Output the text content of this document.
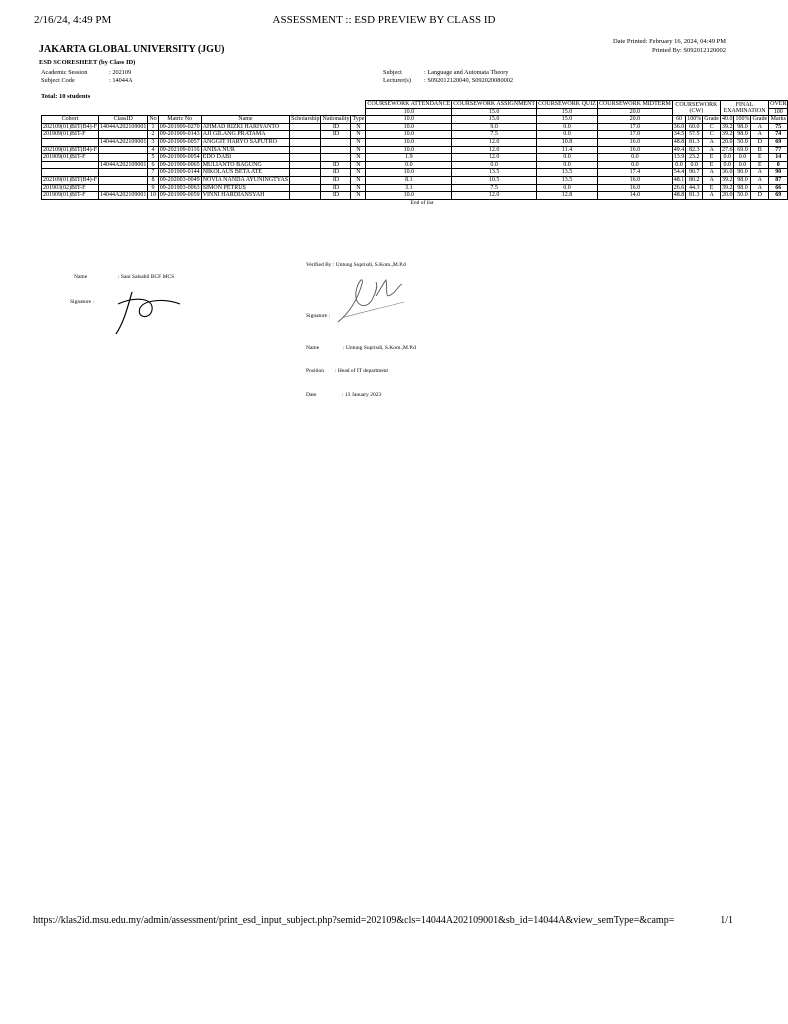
2/16/24, 4:49 PM	ASSESSMENT :: ESD PREVIEW BY CLASS ID
Date Printed: February 16, 2024, 04:49 PM
Printed By: S092012120002
JAKARTA GLOBAL UNIVERSITY (JGU)
ESD SCORESHEET (by Class ID)
Academic Session	: 202109
Subject Code	: 14044A
Subject	: Language and Automata Theory
Lecturer(s) : S092012120040, S092020080002
Total: 10 students
								COURSEWORK ATTENDANCE	COURSEWORK ASSIGNMENT	COURSEWORK QUIZ	COURSEWORK MIDTERM	COURSEWORK (CW)			FINAL EXAMINATION			OVER
								10.0	15.0	15.0	20.0							100
Cohort	ClassID	No	Matric No	Name	Scholarship	Nationality	Type	10.0	15.0	15.0	20.0	60	100%	Grade	40.0	100%	Grade	Marks
202109(01)BIT(B4)-F	14044A202109001	1	09-201909-0270	AHMAD RIZKI HARIYANTO		ID	N	10.0	9.0	0.0	17.0	36.0	60.0	C	39.2	98.0	A	75
201909(01)BIT-F		2	09-201909-0143	AJI GILANG PRATAMA		ID	N	10.0	7.5	0.0	17.0	34.5	57.5	C	39.2	98.0	A	74
	14044A202109001	3	09-201909-0057	ANGGIT HARYO SAPUTRO			N	10.0	12.0	10.8	16.0	48.8	81.3	A	20.0	50.0	D	69
202109(01)BIT(B4)-F		4	09-202109-0116	ANISA NUR			N	10.0	12.0	11.4	16.0	49.4	82.3	A	27.6	69.0	B	77
201909(01)BIT-F		5	09-201909-0054	EDO DABI			N	1.9	12.0	0.0	0.0	13.9	23.2	E	0.0	0.0	E	14
	14044A202109001	6	09-201909-0065	MULIANTO BAGUNG		ID	N	0.0	0.0	0.0	0.0	0.0	0.0	E	0.0	0.0	E	0
		7	09-201909-0144	NIKOLAUS BETA ATE		ID	N	10.0	13.5	13.5	17.4	54.4	90.7	A	36.0	90.0	A	90
202109(01)BIT(B4)-F		8	09-202003-0049	NOVIA NANDA AYUNINGTYAS		ID	N	8.1	10.5	13.5	16.0	48.1	80.2	A	39.2	98.0	A	87
201903(02)BIT-F		9	09-201903-0063	SIMON PETRUS		ID	N	3.1	7.5	0.0	16.0	26.6	44.3	E	39.2	98.0	A	66
201909(01)BIT-F	14044A202109001	10	09-201909-0059	VINNI HARDIANSYAH		ID	N	10.0	12.0	12.8	14.0	48.8	81.3	A	20.0	50.0	D	69
End of list																		
Name	: Sani Salsabil BCF MCS
Signature :
Verified By : Untung Suprisdi, S.Kom.,M.P.d
Signature :
Name	: Untung Suprisdi, S.Kom.,M.P.d
Position : Head of IT department
Date	: 13 January 2023
https://klas2id.msu.edu.my/admin/assessment/print_esd_input_subject.php?semid=202109&cls=14044A202109001&sb_id=14044A&view_semType=&camp=	1/1
